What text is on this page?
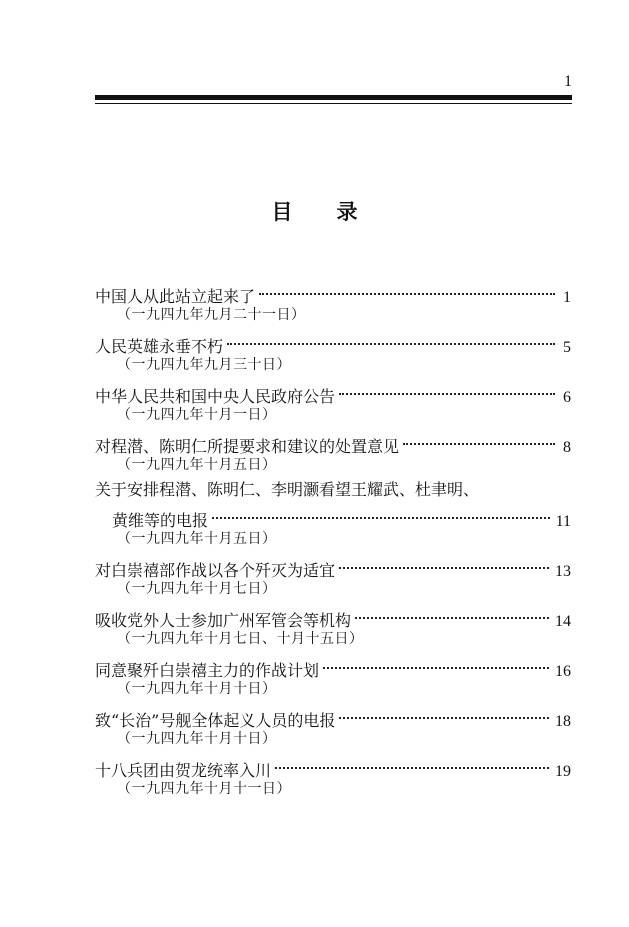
1
目录
中国人从此站立起来了	1
（一九四九年九月二十一日）
人民英雄永垂不朽	5
（一九四九年九月三十日）
中华人民共和国中央人民政府公告	6
（一九四九年十月一日）
对程潜、陈明仁所提要求和建议的处置意见	8
（一九四九年十月五日）
关于安排程潜、陈明仁、李明灏看望王耀武、杜聿明、
黄维等的电报	11
（一九四九年十月五日）
对白崇禧部作战以各个歼灭为适宜	13
（一九四九年十月七日）
吸收党外人士参加广州军管会等机构	14
（一九四九年十月七日、十月十五日）
同意聚歼白崇禧主力的作战计划	16
（一九四九年十月十日）
致“长治”号舰全体起义人员的电报	18
（一九四九年十月十日）
十八兵团由贺龙统率入川	19
（一九四九年十月十一日）
